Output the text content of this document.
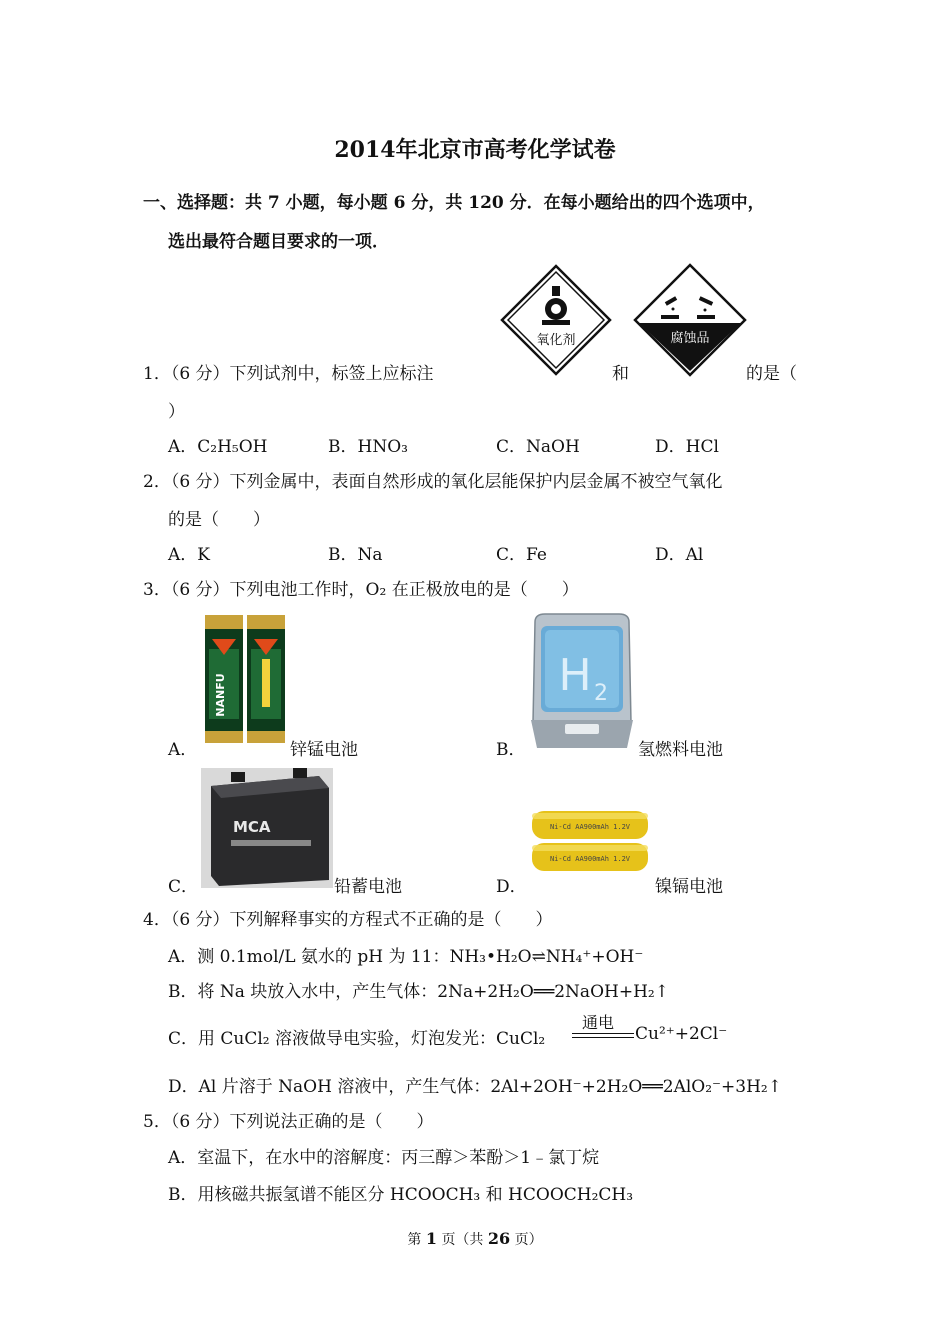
2014年北京市高考化学试卷
一、选择题：共 7 小题，每小题 6 分，共 120 分．在每小题给出的四个选项中，
选出最符合题目要求的一项．
氧化剂	腐蚀品
1．（6 分）下列试剂中，标签上应标注	和	的是（
）
A．C₂H₅OH	B．HNO₃	C．NaOH	D．HCl
2．（6 分）下列金属中，表面自然形成的氧化层能保护内层金属不被空气氧化
的是（　　）
A．K	B．Na	C．Fe	D．Al
3．（6 分）下列电池工作时，O₂ 在正极放电的是（　　）
NANFU
A．	锌锰电池
H 2
B．	氢燃料电池
MCA
C．	铅蓄电池
Ni-Cd AA900mAh 1.2V
Ni-Cd AA900mAh 1.2V
D．	镍镉电池
4．（6 分）下列解释事实的方程式不正确的是（　　）
A．测 0.1mol/L 氨水的 pH 为 11：NH₃•H₂O⇌NH₄⁺+OH⁻
B．将 Na 块放入水中，产生气体：2Na+2H₂O══2NaOH+H₂↑
C．用 CuCl₂ 溶液做导电实验，灯泡发光：CuCl₂
通电
Cu²⁺+2Cl⁻
D．Al 片溶于 NaOH 溶液中，产生气体：2Al+2OH⁻+2H₂O══2AlO₂⁻+3H₂↑
5．（6 分）下列说法正确的是（　　）
A．室温下，在水中的溶解度：丙三醇＞苯酚＞1﹣氯丁烷
B．用核磁共振氢谱不能区分 HCOOCH₃ 和 HCOOCH₂CH₃
第 1 页（共 26 页）
